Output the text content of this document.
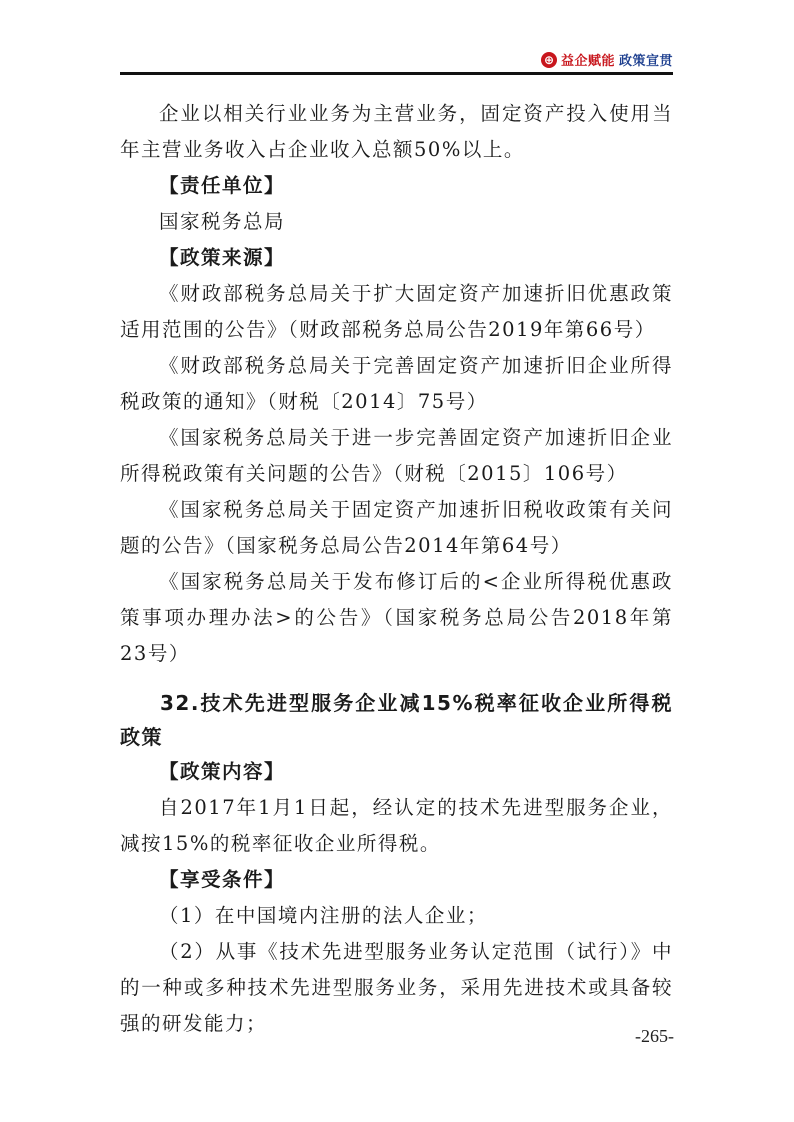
⊕ 益企赋能 政策宣贯

企业以相关行业业务为主营业务，固定资产投入使用当年主营业务收入占企业收入总额50%以上。

【责任单位】

国家税务总局

【政策来源】

《财政部税务总局关于扩大固定资产加速折旧优惠政策适用范围的公告》（财政部税务总局公告2019年第66号）

《财政部税务总局关于完善固定资产加速折旧企业所得税政策的通知》（财税〔2014〕75号）

《国家税务总局关于进一步完善固定资产加速折旧企业所得税政策有关问题的公告》（财税〔2015〕106号）

《国家税务总局关于固定资产加速折旧税收政策有关问题的公告》（国家税务总局公告2014年第64号）

《国家税务总局关于发布修订后的<企业所得税优惠政策事项办理办法>的公告》（国家税务总局公告2018年第23号）

32.技术先进型服务企业减15%税率征收企业所得税政策

【政策内容】

自2017年1月1日起，经认定的技术先进型服务企业，减按15%的税率征收企业所得税。

【享受条件】

（1）在中国境内注册的法人企业；

（2）从事《技术先进型服务业务认定范围（试行）》中的一种或多种技术先进型服务业务，采用先进技术或具备较强的研发能力；

-265-
